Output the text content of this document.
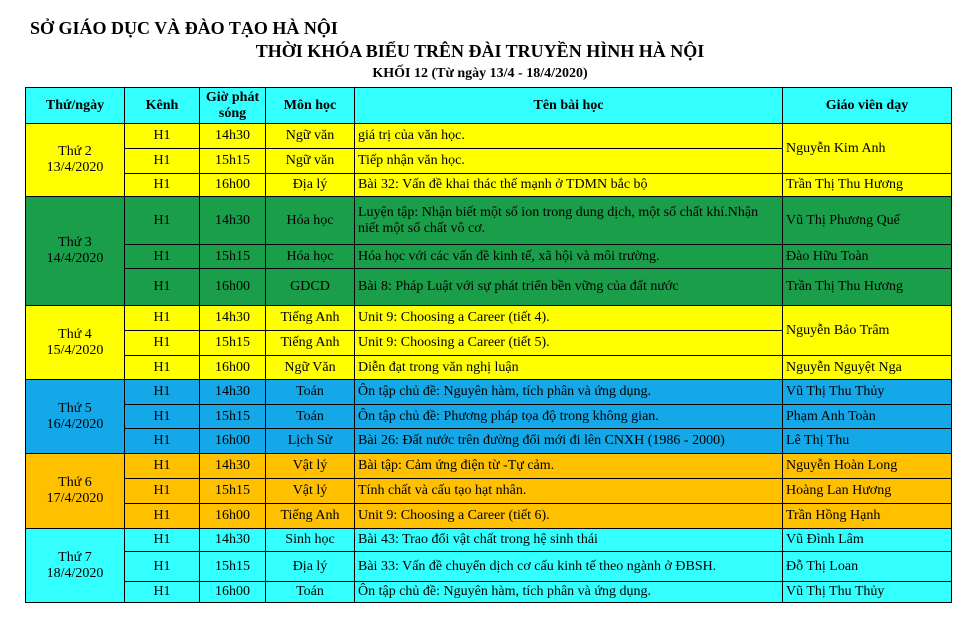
SỞ GIÁO DỤC VÀ ĐÀO TẠO HÀ NỘI
THỜI KHÓA BIỂU TRÊN ĐÀI TRUYỀN HÌNH HÀ NỘI
KHỐI 12 (Từ ngày 13/4 - 18/4/2020)
Thứ/ngày	Kênh	Giờ phát sóng	Môn học	Tên bài học	Giáo viên dạy
Thứ 2
13/4/2020	H1	14h30	Ngữ văn	giá trị của văn học.	Nguyễn Kim Anh
	H1	15h15	Ngữ văn	Tiếp nhận văn học.	
	H1	16h00	Địa lý	Bài 32: Vấn đề khai thác thế mạnh ở TDMN bắc bộ	Trần Thị Thu Hương
Thứ 3
14/4/2020	H1	14h30	Hóa học	Luyện tập: Nhận biết một số ion trong dung dịch, một số chất khí.Nhận niết một số chất vô cơ.	Vũ Thị Phương Quế
	H1	15h15	Hóa học	Hóa học với các vấn đề kinh tế, xã hội và môi trường.	Đào Hữu Toàn
	H1	16h00	GDCD	Bài 8: Pháp Luật với sự phát triển bền vững của đất nước	Trần Thị Thu Hương
Thứ 4
15/4/2020	H1	14h30	Tiếng Anh	Unit 9: Choosing a Career (tiết 4).	Nguyễn Bảo Trâm
	H1	15h15	Tiếng Anh	Unit 9: Choosing a Career (tiết 5).	
	H1	16h00	Ngữ Văn	Diễn đạt trong văn nghị luận	Nguyễn Nguyệt Nga
Thứ 5
16/4/2020	H1	14h30	Toán	Ôn tập chủ đề: Nguyên hàm, tích phân và ứng dụng.	Vũ Thị Thu Thủy
	H1	15h15	Toán	Ôn tập chủ đề: Phương pháp tọa độ trong không gian.	Phạm Anh Toàn
	H1	16h00	Lịch Sử	Bài 26: Đất nước trên đường đổi mới đi lên CNXH (1986 - 2000)	Lê Thị Thu
Thứ 6
17/4/2020	H1	14h30	Vật lý	Bài tập: Cảm ứng điện từ -Tự cảm.	Nguyễn Hoàn Long
	H1	15h15	Vật lý	Tính chất và cấu tạo hạt nhân.	Hoàng Lan Hương
	H1	16h00	Tiếng Anh	Unit 9: Choosing a Career (tiết 6).	Trần Hồng Hạnh
Thứ 7
18/4/2020	H1	14h30	Sinh học	Bài 43: Trao đổi vật chất trong hệ sinh thái	Vũ Đình Lâm
	H1	15h15	Địa lý	Bài 33: Vấn đề chuyển dịch cơ cấu kinh tế theo ngành ở ĐBSH.	Đỗ Thị Loan
	H1	16h00	Toán	Ôn tập chủ đề: Nguyên hàm, tích phân và ứng dụng.	Vũ Thị Thu Thủy
